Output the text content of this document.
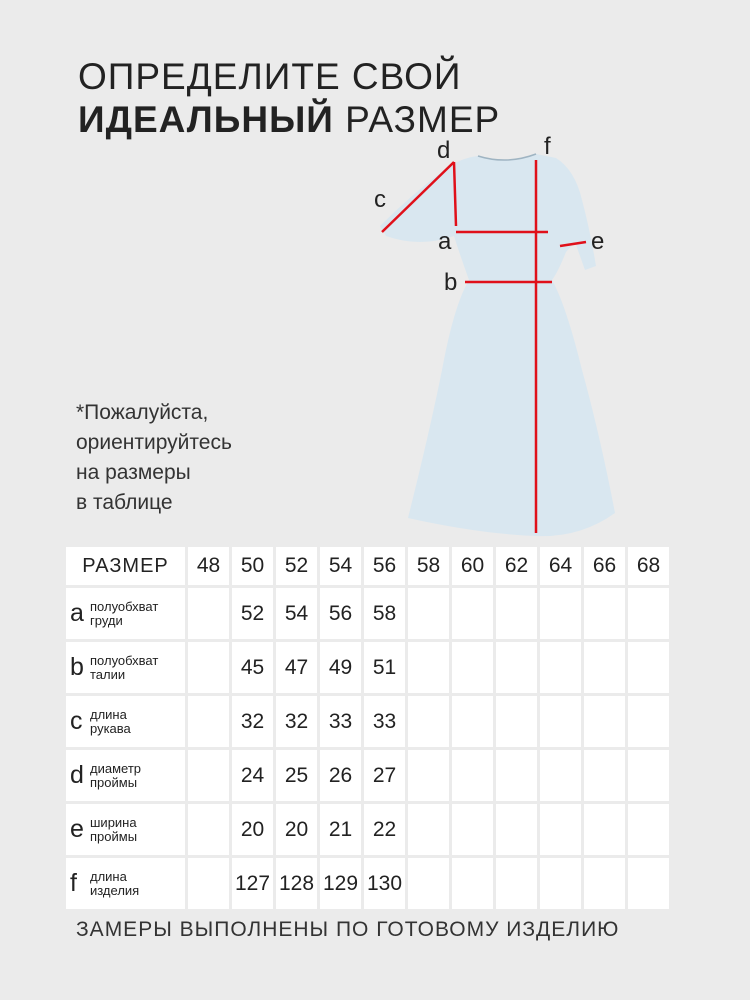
ОПРЕДЕЛИТЕ СВОЙ
ИДЕАЛЬНЫЙ РАЗМЕР
*Пожалуйста,
ориентируйтесь
на размеры
в таблице
d	f
c
a	e
b
РАЗМЕР	48	50	52	54	56	58	60	62	64	66	68

a полуобхват
груди		52	54	56	58						

b полуобхват
талии		45	47	49	51						

c длина
рукава		32	32	33	33						

d диаметр
проймы		24	25	26	27						

e ширина
проймы		20	20	21	22						

f длина
изделия		127	128	129	130						
ЗАМЕРЫ ВЫПОЛНЕНЫ ПО ГОТОВОМУ ИЗДЕЛИЮ
